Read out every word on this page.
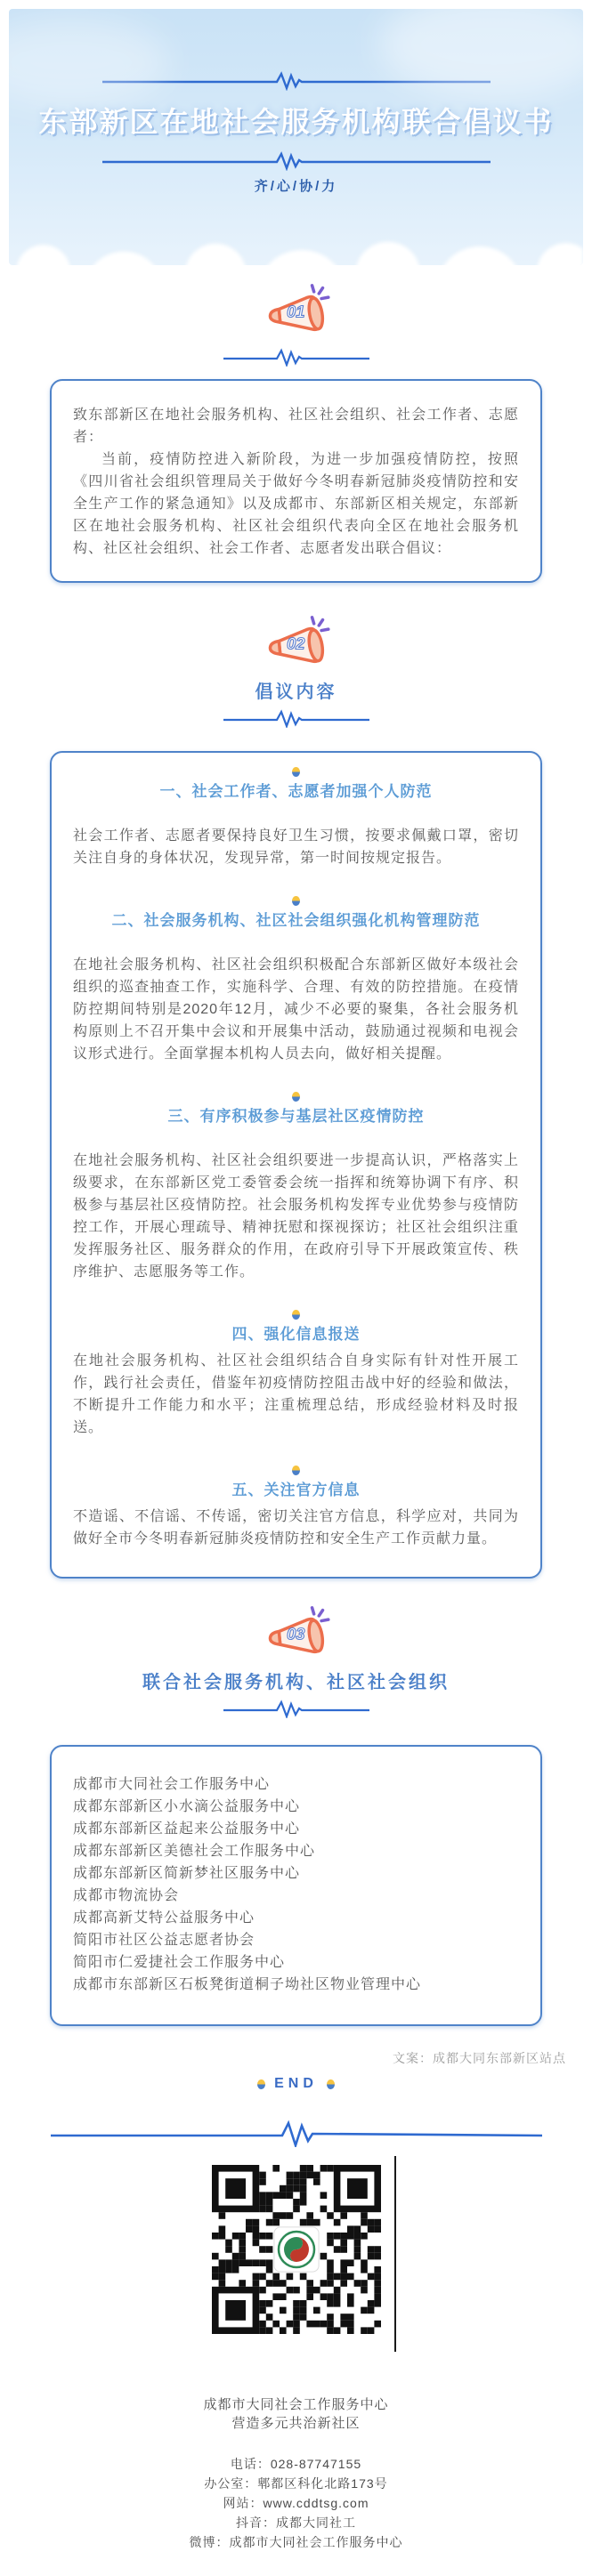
东部新区在地社会服务机构联合倡议书
齐/心/协/力
01

致东部新区在地社会服务机构、社区社会组织、社会工作者、志愿者：

当前，疫情防控进入新阶段，为进一步加强疫情防控，按照《四川省社会组织管理局关于做好今冬明春新冠肺炎疫情防控和安全生产工作的紧急通知》以及成都市、东部新区相关规定，东部新区在地社会服务机构、社区社会组织代表向全区在地社会服务机构、社区社会组织、社会工作者、志愿者发出联合倡议：

02
倡议内容
一、社会工作者、志愿者加强个人防范

社会工作者、志愿者要保持良好卫生习惯，按要求佩戴口罩，密切关注自身的身体状况，发现异常，第一时间按规定报告。

二、社会服务机构、社区社会组织强化机构管理防范

在地社会服务机构、社区社会组织积极配合东部新区做好本级社会组织的巡查抽查工作，实施科学、合理、有效的防控措施。在疫情防控期间特别是2020年12月，减少不必要的聚集，各社会服务机构原则上不召开集中会议和开展集中活动，鼓励通过视频和电视会议形式进行。全面掌握本机构人员去向，做好相关提醒。

三、有序积极参与基层社区疫情防控

在地社会服务机构、社区社会组织要进一步提高认识，严格落实上级要求，在东部新区党工委管委会统一指挥和统筹协调下有序、积极参与基层社区疫情防控。社会服务机构发挥专业优势参与疫情防控工作，开展心理疏导、精神抚慰和探视探访；社区社会组织注重发挥服务社区、服务群众的作用，在政府引导下开展政策宣传、秩序维护、志愿服务等工作。

四、强化信息报送

在地社会服务机构、社区社会组织结合自身实际有针对性开展工作，践行社会责任，借鉴年初疫情防控阻击战中好的经验和做法，不断提升工作能力和水平；注重梳理总结，形成经验材料及时报送。

五、关注官方信息

不造谣、不信谣、不传谣，密切关注官方信息，科学应对，共同为做好全市今冬明春新冠肺炎疫情防控和安全生产工作贡献力量。

03
联合社会服务机构、社区社会组织
成都市大同社会工作服务中心
成都东部新区小水滴公益服务中心
成都东部新区益起来公益服务中心
成都东部新区美德社会工作服务中心
成都东部新区简新梦社区服务中心
成都市物流协会
成都高新艾特公益服务中心
简阳市社区公益志愿者协会
简阳市仁爱捷社会工作服务中心
成都市东部新区石板凳街道桐子坳社区物业管理中心
文案：成都大同东部新区站点
END
成都市大同社会工作服务中心
营造多元共治新社区
电话：028-87747155
办公室：郫都区科化北路173号
网站：www.cddtsg.com
抖音：成都大同社工
微博：成都市大同社会工作服务中心
